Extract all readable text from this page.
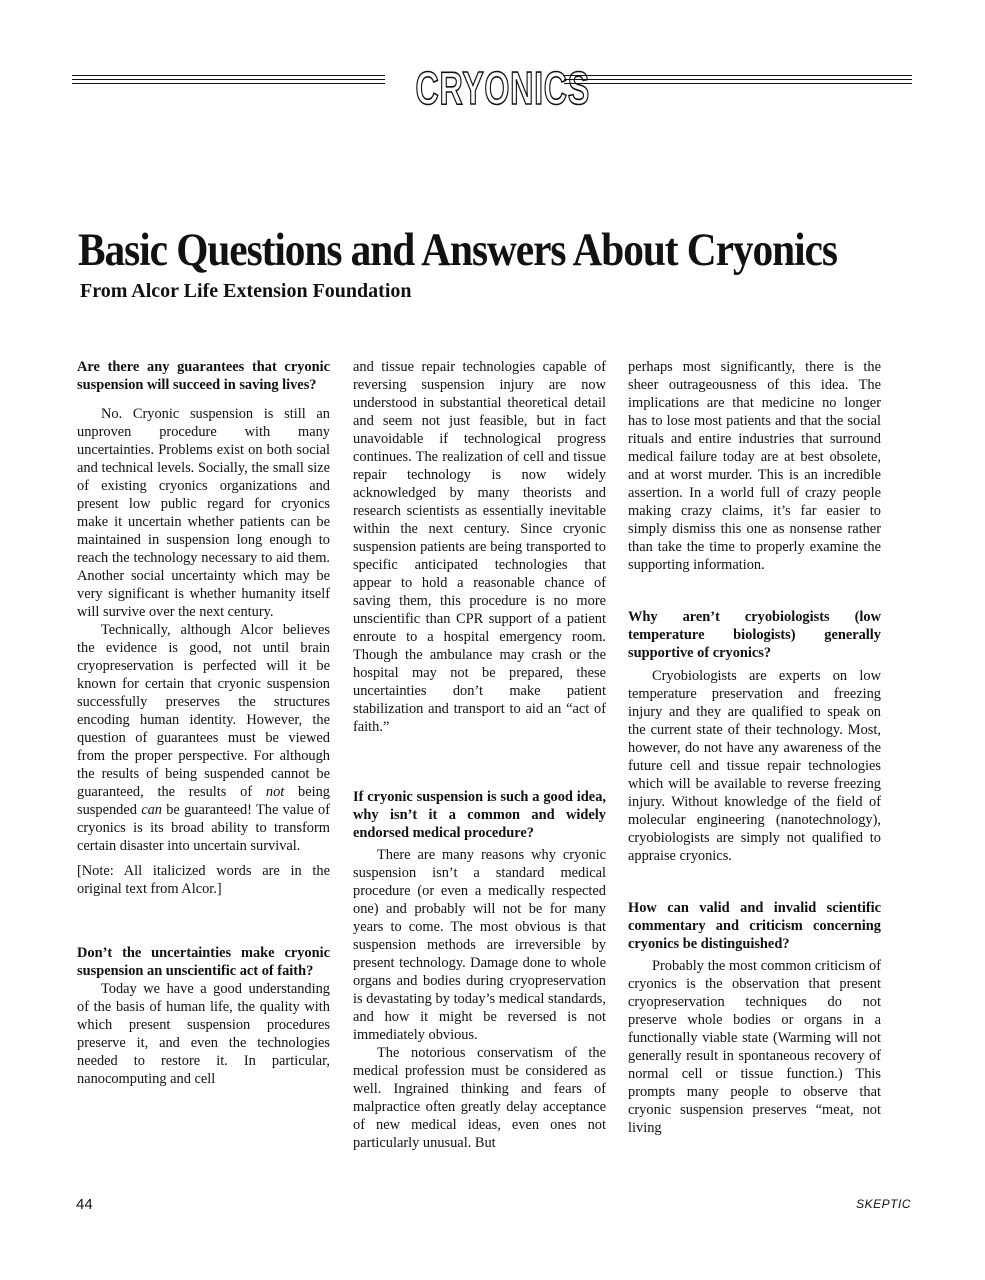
CRYONICS
Basic Questions and Answers About Cryonics
From Alcor Life Extension Foundation
Are there any guarantees that cryonic suspension will succeed in saving lives?

No. Cryonic suspension is still an unproven procedure with many uncertainties. Problems exist on both social and technical levels. Socially, the small size of existing cryonics organizations and present low public regard for cryonics make it uncertain whether patients can be maintained in suspension long enough to reach the technology necessary to aid them. Another social uncertainty which may be very significant is whether humanity itself will survive over the next century.

Technically, although Alcor believes the evidence is good, not until brain cryopreservation is perfected will it be known for certain that cryonic suspension successfully preserves the structures encoding human identity. However, the question of guarantees must be viewed from the proper perspective. For although the results of being suspended cannot be guaranteed, the results of not being suspended can be guaranteed! The value of cryonics is its broad ability to transform certain disaster into uncertain survival.

[Note: All italicized words are in the original text from Alcor.]

Don’t the uncertainties make cryonic suspension an unscientific act of faith?

Today we have a good understanding of the basis of human life, the quality with which present suspension procedures preserve it, and even the technologies needed to restore it. In particular, nanocomputing and cell

and tissue repair technologies capable of reversing suspension injury are now understood in substantial theoretical detail and seem not just feasible, but in fact unavoidable if technological progress continues. The realization of cell and tissue repair technology is now widely acknowledged by many theorists and research scientists as essentially inevitable within the next century. Since cryonic suspension patients are being transported to specific anticipated technologies that appear to hold a reasonable chance of saving them, this procedure is no more unscientific than CPR support of a patient enroute to a hospital emergency room. Though the ambulance may crash or the hospital may not be prepared, these uncertainties don’t make patient stabilization and transport to aid an “act of faith.”

If cryonic suspension is such a good idea, why isn’t it a common and widely endorsed medical procedure?

There are many reasons why cryonic suspension isn’t a standard medical procedure (or even a medically respected one) and probably will not be for many years to come. The most obvious is that suspension methods are irreversible by present technology. Damage done to whole organs and bodies during cryopreservation is devastating by today’s medical standards, and how it might be reversed is not immediately obvious.

The notorious conservatism of the medical profession must be considered as well. Ingrained thinking and fears of malpractice often greatly delay acceptance of new medical ideas, even ones not particularly unusual. But

perhaps most significantly, there is the sheer outrageousness of this idea. The implications are that medicine no longer has to lose most patients and that the social rituals and entire industries that surround medical failure today are at best obsolete, and at worst murder. This is an incredible assertion. In a world full of crazy people making crazy claims, it’s far easier to simply dismiss this one as nonsense rather than take the time to properly examine the supporting information.

Why aren’t cryobiologists (low temperature biologists) generally supportive of cryonics?

Cryobiologists are experts on low temperature preservation and freezing injury and they are qualified to speak on the current state of their technology. Most, however, do not have any awareness of the future cell and tissue repair technologies which will be available to reverse freezing injury. Without knowledge of the field of molecular engineering (nanotechnology), cryobiologists are simply not qualified to appraise cryonics.

How can valid and invalid scientific commentary and criticism concerning cryonics be distinguished?

Probably the most common criticism of cryonics is the observation that present cryopreservation techniques do not preserve whole bodies or organs in a functionally viable state (Warming will not generally result in spontaneous recovery of normal cell or tissue function.) This prompts many people to observe that cryonic suspension preserves “meat, not living

44	SKEPTIC
